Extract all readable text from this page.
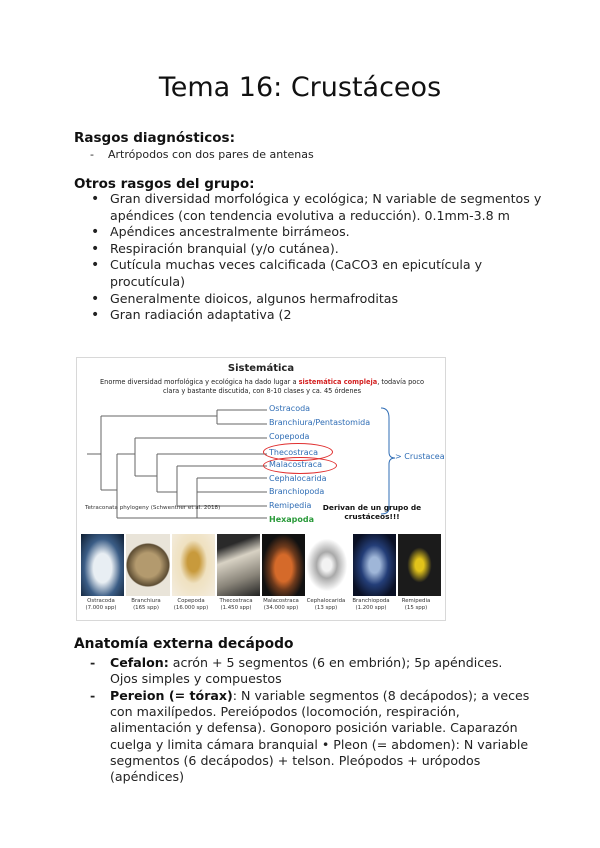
Tema 16: Crustáceos
Rasgos diagnósticos:
- Artrópodos con dos pares de antenas
Otros rasgos del grupo:
• Gran diversidad morfológica y ecológica; N variable de segmentos y apéndices (con tendencia evolutiva a reducción). 0.1mm-3.8 m
• Apéndices ancestralmente birrámeos.
• Respiración branquial (y/o cutánea).
• Cutícula muchas veces calcificada (CaCO3 en epicutícula y procutícula)
• Generalmente dioicos, algunos hermafroditas
• Gran radiación adaptativa (2
Sistemática
Enorme diversidad morfológica y ecológica ha dado lugar a sistemática compleja, todavía poco clara y bastante discutida, con 8-10 clases y ca. 45 órdenes
Ostracoda
Branchiura/Pentastomida
Copepoda
Thecostraca
Malacostraca
Cephalocarida
Branchiopoda
Remipedia
Hexapoda
> Crustacea
Derivan de un grupo de crustáceos!!!
Tetraconata phylogeny (Schwentner et al. 2018)
Ostracoda
(7.000 spp)
Branchiura
(165 spp)
Copepoda
(16.000 spp)
Thecostraca
(1.450 spp)
Malacostraca
(34.000 spp)
Cephalocarida
(13 spp)
Branchiopoda
(1.200 spp)
Remipedia
(15 spp)
Anatomía externa decápodo
- Cefalon: acrón + 5 segmentos (6 en embrión); 5p apéndices. Ojos simples y compuestos
- Pereion (= tórax): N variable segmentos (8 decápodos); a veces con maxilípedos. Pereiópodos (locomoción, respiración, alimentación y defensa). Gonoporo posición variable. Caparazón cuelga y limita cámara branquial • Pleon (= abdomen): N variable segmentos (6 decápodos) + telson. Pleópodos + urópodos (apéndices)
